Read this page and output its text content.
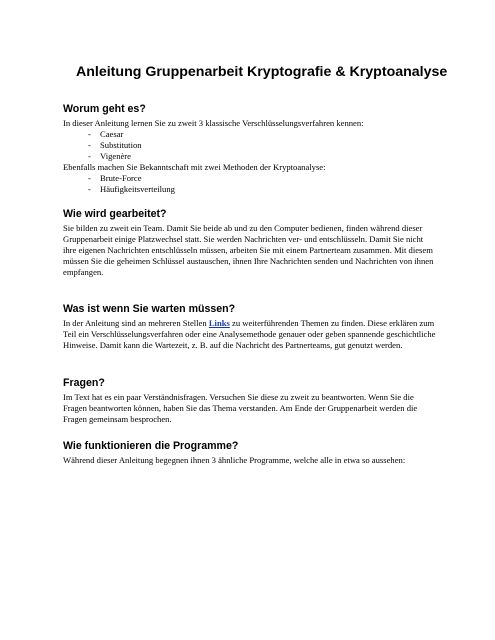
Anleitung Gruppenarbeit Kryptografie & Kryptoanalyse
Worum geht es?

In dieser Anleitung lernen Sie zu zweit 3 klassische Verschlüsselungsverfahren kennen:

- Caesar
- Substitution
- Vigenère

Ebenfalls machen Sie Bekanntschaft mit zwei Methoden der Kryptoanalyse:

- Brute-Force
- Häufigkeitsverteilung
Wie wird gearbeitet?

Sie bilden zu zweit ein Team. Damit Sie beide ab und zu den Computer bedienen, finden während dieser Gruppenarbeit einige Platzwechsel statt. Sie werden Nachrichten ver- und entschlüsseln. Damit Sie nicht ihre eigenen Nachrichten entschlüsseln müssen, arbeiten Sie mit einem Partnerteam zusammen. Mit diesem müssen Sie die geheimen Schlüssel austauschen, ihnen Ihre Nachrichten senden und Nachrichten von ihnen empfangen.

Was ist wenn Sie warten müssen?

In der Anleitung sind an mehreren Stellen Links zu weiterführenden Themen zu finden. Diese erklären zum Teil ein Verschlüsselungsverfahren oder eine Analysemethode genauer oder geben spannende geschichtliche Hinweise. Damit kann die Wartezeit, z. B. auf die Nachricht des Partnerteams, gut genutzt werden.

Fragen?

Im Text hat es ein paar Verständnisfragen. Versuchen Sie diese zu zweit zu beantworten. Wenn Sie die Fragen beantworten können, haben Sie das Thema verstanden. Am Ende der Gruppenarbeit werden die Fragen gemeinsam besprochen.

Wie funktionieren die Programme?

Während dieser Anleitung begegnen ihnen 3 ähnliche Programme, welche alle in etwa so aussehen:
